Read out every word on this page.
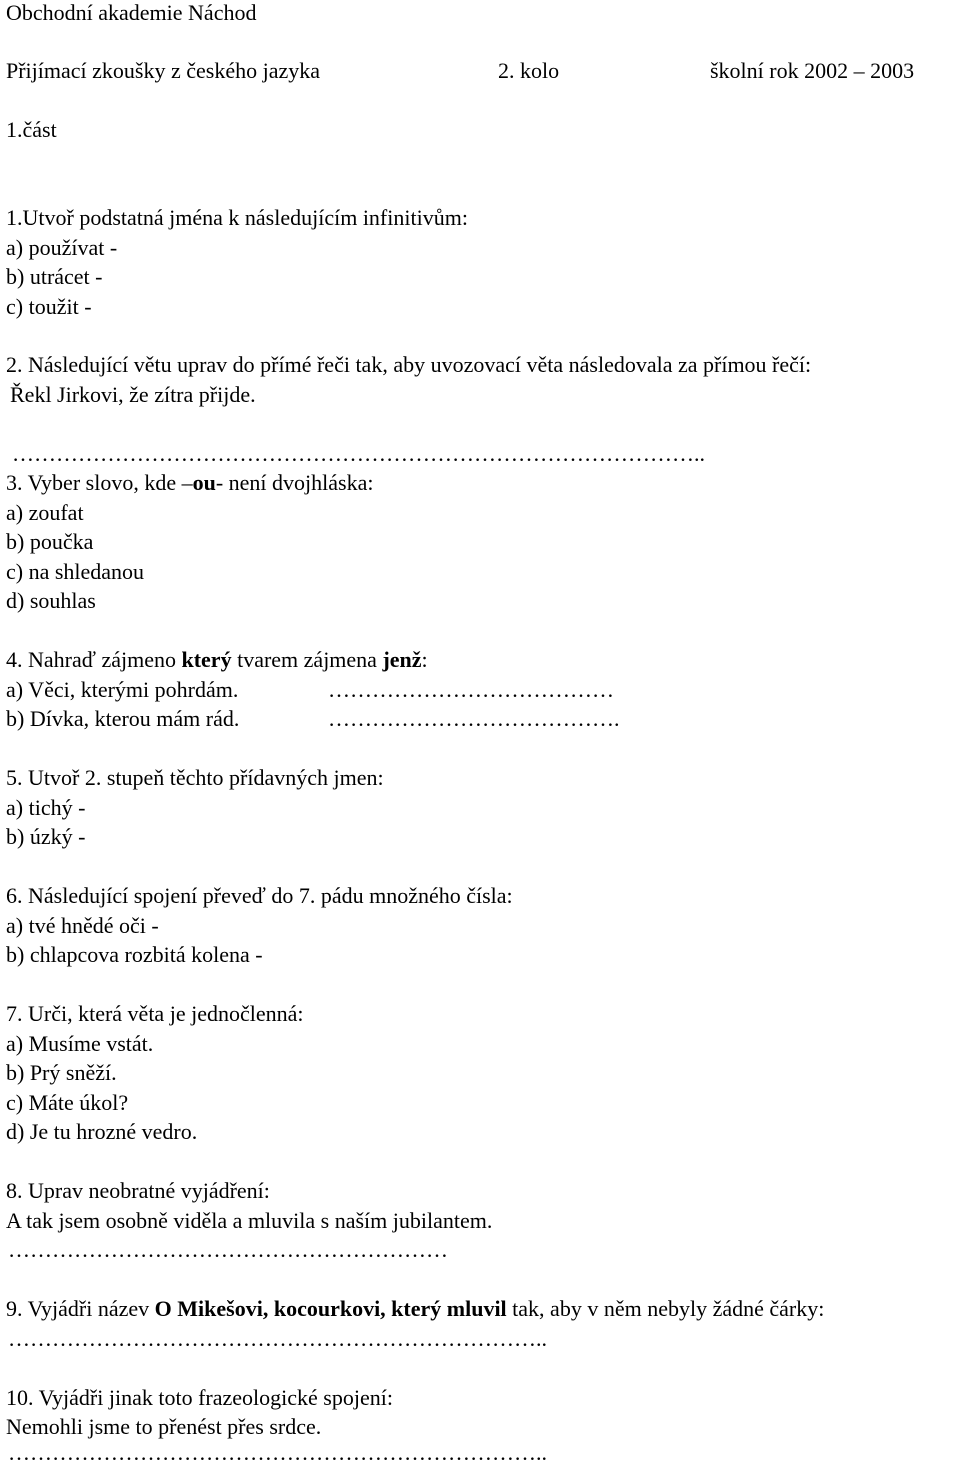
Obchodní akademie Náchod
Přijímací zkoušky z českého jazyka	2. kolo	školní rok 2002 – 2003
1.část
1.Utvoř podstatná jména k následujícím infinitivům:
a) používat -
b) utrácet -
c) toužit -
2. Následující větu uprav do přímé řeči tak, aby uvozovací věta následovala za přímou řečí:
Řekl Jirkovi, že zítra přijde.
…………………………………………………………………………………..
3. Vyber slovo, kde –ou- není dvojhláska:
a) zoufat
b) poučka
c) na shledanou
d) souhlas
4. Nahraď zájmeno který tvarem zájmena jenž:
a) Věci, kterými pohrdám.	…………………………………
b) Dívka, kterou mám rád.	………………………………….
5. Utvoř 2. stupeň těchto přídavných jmen:
a) tichý -
b) úzký -
6. Následující spojení převeď do 7. pádu množného čísla:
a) tvé hnědé oči -
b) chlapcova rozbitá kolena -
7. Urči, která věta je jednočlenná:
a) Musíme vstát.
b) Prý sněží.
c) Máte úkol?
d) Je tu hrozné vedro.
8. Uprav neobratné vyjádření:
A tak jsem osobně viděla a mluvila s naším jubilantem.
……………………………………………………
9. Vyjádři název O Mikešovi, kocourkovi, který mluvil tak, aby v něm nebyly žádné čárky:
………………………………………………………………..
10. Vyjádři jinak toto frazeologické spojení:
Nemohli jsme to přenést přes srdce.
………………………………………………………………..
